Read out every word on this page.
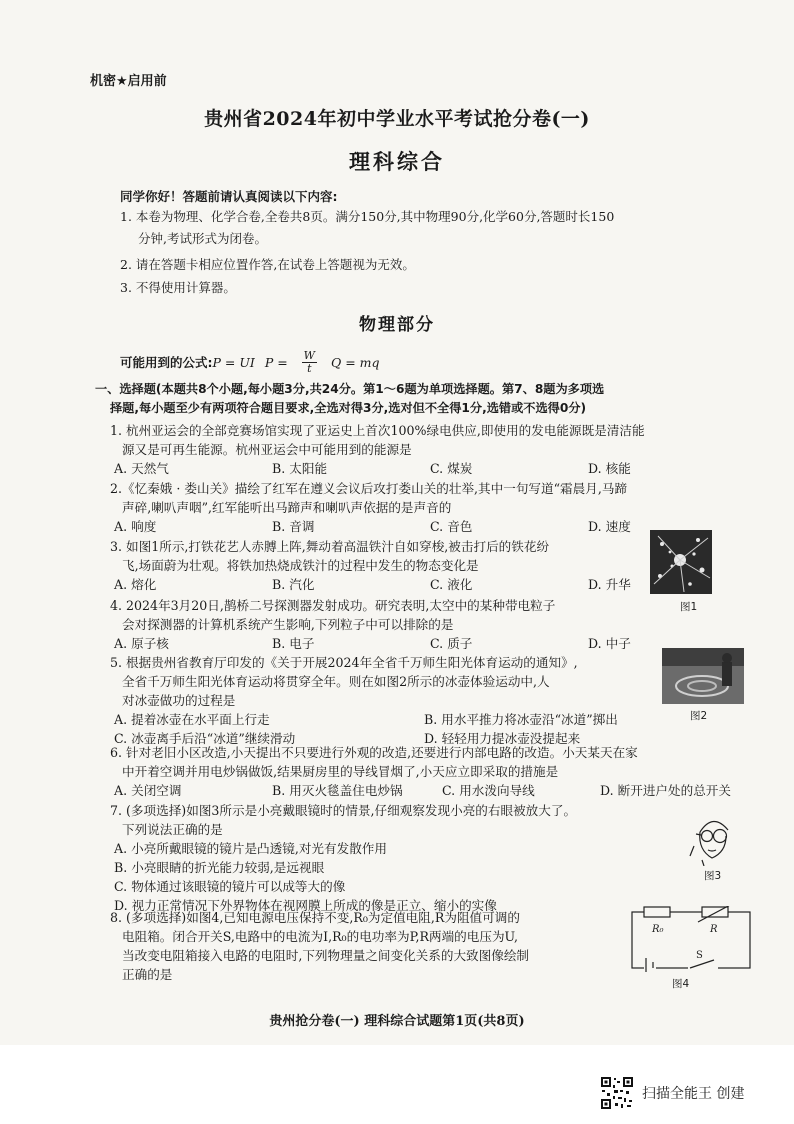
机密★启用前
贵州省2024年初中学业水平考试抢分卷(一)
理科综合
同学你好！答题前请认真阅读以下内容:
1. 本卷为物理、化学合卷,全卷共8页。满分150分,其中物理90分,化学60分,答题时长150
分钟,考试形式为闭卷。
2. 请在答题卡相应位置作答,在试卷上答题视为无效。
3. 不得使用计算器。
物理部分
可能用到的公式: P = UI $P = \frac{W}{t}$ Q = mq
一、选择题(本题共8个小题,每小题3分,共24分。第1～6题为单项选择题。第7、8题为多项选
择题,每小题至少有两项符合题目要求,全选对得3分,选对但不全得1分,选错或不选得0分)
1. 杭州亚运会的全部竞赛场馆实现了亚运史上首次100%绿电供应,即使用的发电能源既是清洁能
源又是可再生能源。杭州亚运会中可能用到的能源是
A. 天然气	B. 太阳能	C. 煤炭	D. 核能
2.《忆秦娥 · 娄山关》描绘了红军在遵义会议后攻打娄山关的壮举,其中一句写道“霜晨月,马蹄
声碎,喇叭声咽”,红军能听出马蹄声和喇叭声依据的是声音的
A. 响度	B. 音调	C. 音色	D. 速度
3. 如图1所示,打铁花艺人赤膊上阵,舞动着高温铁汁自如穿梭,被击打后的铁花纷
飞,场面蔚为壮观。将铁加热烧成铁汁的过程中发生的物态变化是
A. 熔化	B. 汽化	C. 液化	D. 升华
图1
4. 2024年3月20日,鹊桥二号探测器发射成功。研究表明,太空中的某种带电粒子
会对探测器的计算机系统产生影响,下列粒子中可以排除的是
A. 原子核	B. 电子	C. 质子	D. 中子
5. 根据贵州省教育厅印发的《关于开展2024年全省千万师生阳光体育运动的通知》,
全省千万师生阳光体育运动将贯穿全年。则在如图2所示的冰壶体验运动中,人
对冰壶做功的过程是
A. 提着冰壶在水平面上行走	B. 用水平推力将冰壶沿“冰道”掷出
C. 冰壶离手后沿“冰道”继续滑动	D. 轻轻用力提冰壶没提起来
图2
6. 针对老旧小区改造,小天提出不只要进行外观的改造,还要进行内部电路的改造。小天某天在家
中开着空调并用电炒锅做饭,结果厨房里的导线冒烟了,小天应立即采取的措施是
A. 关闭空调	B. 用灭火毯盖住电炒锅	C. 用水泼向导线	D. 断开进户处的总开关
7. (多项选择)如图3所示是小亮戴眼镜时的情景,仔细观察发现小亮的右眼被放大了。
下列说法正确的是
A. 小亮所戴眼镜的镜片是凸透镜,对光有发散作用
B. 小亮眼睛的折光能力较弱,是远视眼
C. 物体通过该眼镜的镜片可以成等大的像
D. 视力正常情况下外界物体在视网膜上所成的像是正立、缩小的实像
图3
8. (多项选择)如图4,已知电源电压保持不变,R₀为定值电阻,R为阻值可调的
电阻箱。闭合开关S,电路中的电流为I,R₀的电功率为P,R两端的电压为U,
当改变电阻箱接入电路的电阻时,下列物理量之间变化关系的大致图像绘制
正确的是
R₀	R
S
图4
贵州抢分卷(一) 理科综合试题第1页(共8页)
扫描全能王 创建
